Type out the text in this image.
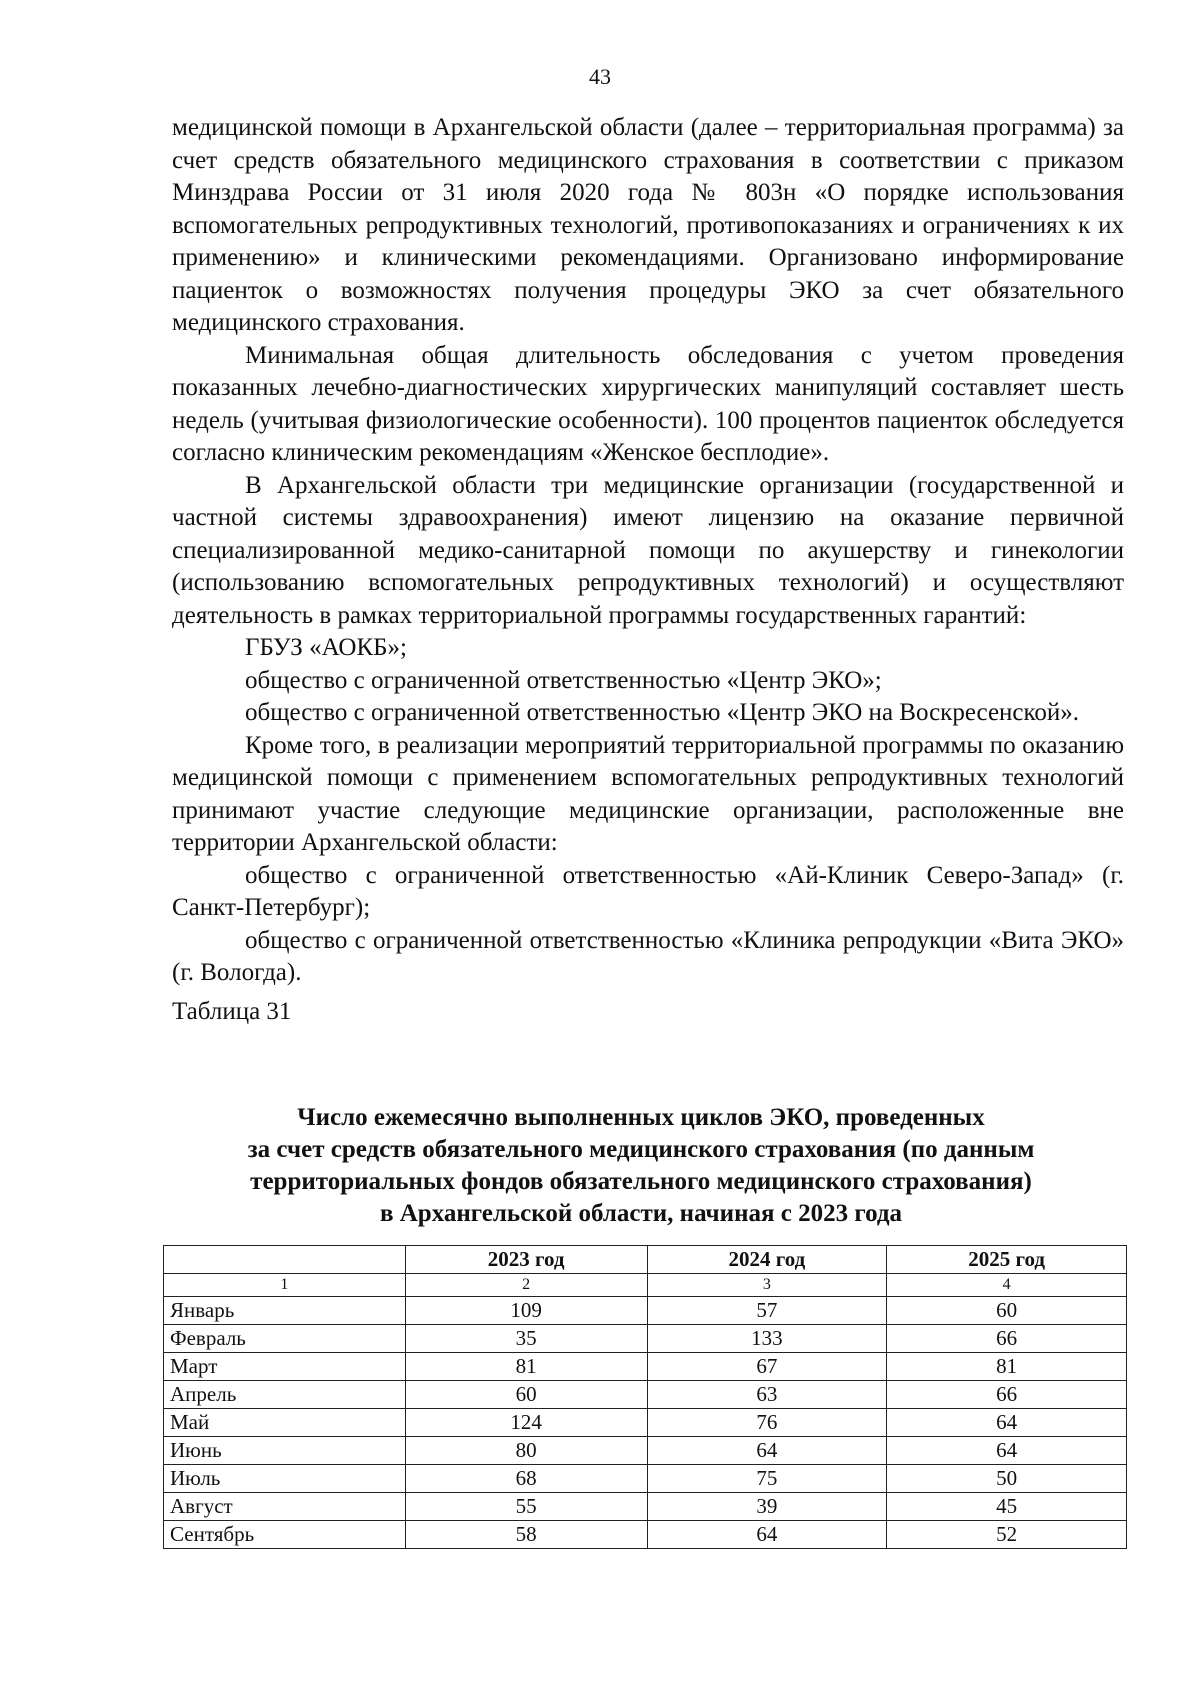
43

медицинской помощи в Архангельской области (далее – территориальная программа) за счет средств обязательного медицинского страхования в соответствии с приказом Минздрава России от 31 июля 2020 года № 803н «О порядке использования вспомогательных репродуктивных технологий, противопоказаниях и ограничениях к их применению» и клиническими рекомендациями. Организовано информирование пациенток о возможностях получения процедуры ЭКО за счет обязательного медицинского страхования.

Минимальная общая длительность обследования с учетом проведения показанных лечебно-диагностических хирургических манипуляций составляет шесть недель (учитывая физиологические особенности). 100 процентов пациенток обследуется согласно клиническим рекомендациям «Женское бесплодие».

В Архангельской области три медицинские организации (государственной и частной системы здравоохранения) имеют лицензию на оказание первичной специализированной медико-санитарной помощи по акушерству и гинекологии (использованию вспомогательных репродуктивных технологий) и осуществляют деятельность в рамках территориальной программы государственных гарантий:

ГБУЗ «АОКБ»;

общество с ограниченной ответственностью «Центр ЭКО»;

общество с ограниченной ответственностью «Центр ЭКО на Воскресенской».

Кроме того, в реализации мероприятий территориальной программы по оказанию медицинской помощи с применением вспомогательных репродуктивных технологий принимают участие следующие медицинские организации, расположенные вне территории Архангельской области:

общество с ограниченной ответственностью «Ай-Клиник Северо-Запад» (г. Санкт-Петербург);

общество с ограниченной ответственностью «Клиника репродукции «Вита ЭКО» (г. Вологда).

Таблица 31

Число ежемесячно выполненных циклов ЭКО, проведенных
за счет средств обязательного медицинского страхования (по данным
территориальных фондов обязательного медицинского страхования)
в Архангельской области, начиная с 2023 года
	2023 год	2024 год	2025 год
1	2	3	4
Январь	109	57	60
Февраль	35	133	66
Март	81	67	81
Апрель	60	63	66
Май	124	76	64
Июнь	80	64	64
Июль	68	75	50
Август	55	39	45
Сентябрь	58	64	52
